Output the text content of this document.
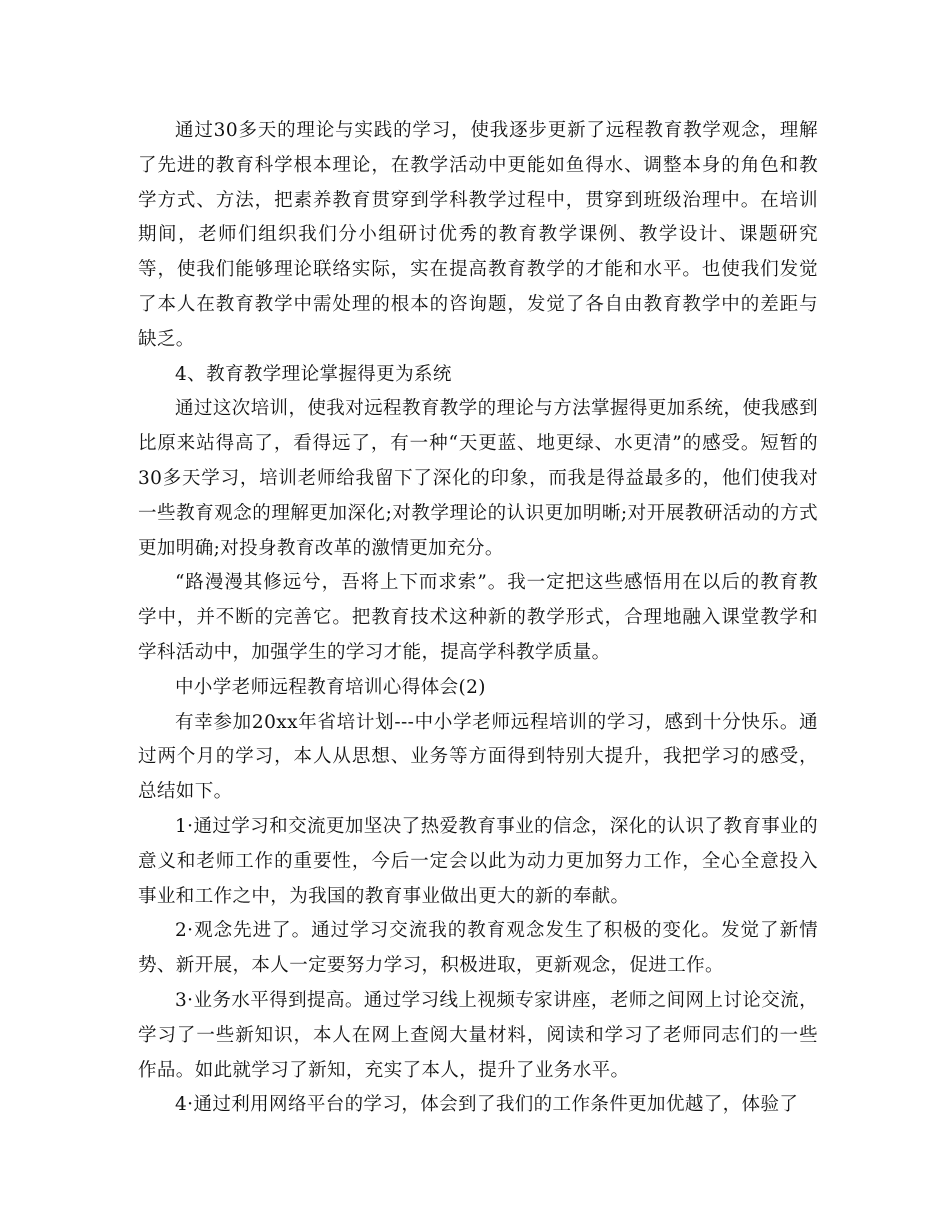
通过30多天的理论与实践的学习，使我逐步更新了远程教育教学观念，理解了先进的教育科学根本理论，在教学活动中更能如鱼得水、调整本身的角色和教学方式、方法，把素养教育贯穿到学科教学过程中，贯穿到班级治理中。在培训期间，老师们组织我们分小组研讨优秀的教育教学课例、教学设计、课题研究等，使我们能够理论联络实际，实在提高教育教学的才能和水平。也使我们发觉了本人在教育教学中需处理的根本的咨询题，发觉了各自由教育教学中的差距与缺乏。

4、教育教学理论掌握得更为系统

通过这次培训，使我对远程教育教学的理论与方法掌握得更加系统，使我感到比原来站得高了，看得远了，有一种“天更蓝、地更绿、水更清”的感受。短暂的30多天学习，培训老师给我留下了深化的印象，而我是得益最多的，他们使我对一些教育观念的理解更加深化;对教学理论的认识更加明晰;对开展教研活动的方式更加明确;对投身教育改革的激情更加充分。

“路漫漫其修远兮，吾将上下而求索”。我一定把这些感悟用在以后的教育教学中，并不断的完善它。把教育技术这种新的教学形式，合理地融入课堂教学和学科活动中，加强学生的学习才能，提高学科教学质量。

中小学老师远程教育培训心得体会(2)

有幸参加20xx年省培计划---中小学老师远程培训的学习，感到十分快乐。通过两个月的学习，本人从思想、业务等方面得到特别大提升，我把学习的感受，总结如下。

1·通过学习和交流更加坚决了热爱教育事业的信念，深化的认识了教育事业的意义和老师工作的重要性，今后一定会以此为动力更加努力工作，全心全意投入事业和工作之中，为我国的教育事业做出更大的新的奉献。

2·观念先进了。通过学习交流我的教育观念发生了积极的变化。发觉了新情势、新开展，本人一定要努力学习，积极进取，更新观念，促进工作。

3·业务水平得到提高。通过学习线上视频专家讲座，老师之间网上讨论交流，学习了一些新知识，本人在网上查阅大量材料，阅读和学习了老师同志们的一些作品。如此就学习了新知，充实了本人，提升了业务水平。

4·通过利用网络平台的学习，体会到了我们的工作条件更加优越了，体验了
